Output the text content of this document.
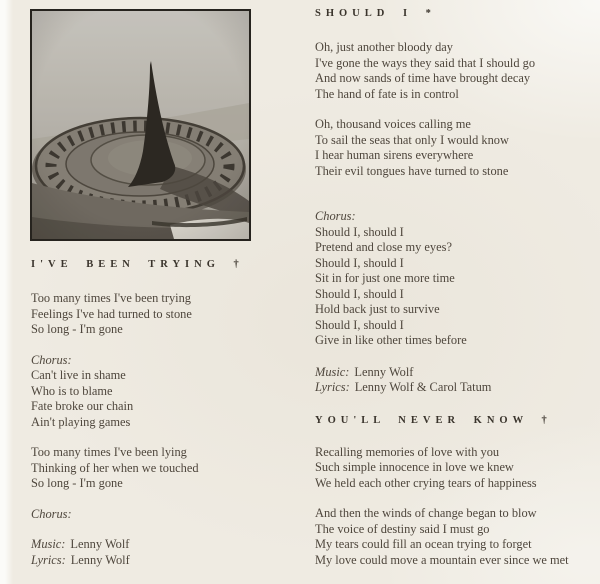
I'VE BEEN TRYING †
Too many times I've been trying
Feelings I've had turned to stone
So long - I'm gone
Chorus:
Can't live in shame
Who is to blame
Fate broke our chain
Ain't playing games
Too many times I've been lying
Thinking of her when we touched
So long - I'm gone
Chorus:
Music: Lenny Wolf
Lyrics: Lenny Wolf
SHOULD I *
Oh, just another bloody day
I've gone the ways they said that I should go
And now sands of time have brought decay
The hand of fate is in control
Oh, thousand voices calling me
To sail the seas that only I would know
I hear human sirens everywhere
Their evil tongues have turned to stone
Chorus:
Should I, should I
Pretend and close my eyes?
Should I, should I
Sit in for just one more time
Should I, should I
Hold back just to survive
Should I, should I
Give in like other times before
Music: Lenny Wolf
Lyrics: Lenny Wolf & Carol Tatum
YOU'LL NEVER KNOW †
Recalling memories of love with you
Such simple innocence in love we knew
We held each other crying tears of happiness
And then the winds of change began to blow
The voice of destiny said I must go
My tears could fill an ocean trying to forget
My love could move a mountain ever since we met
